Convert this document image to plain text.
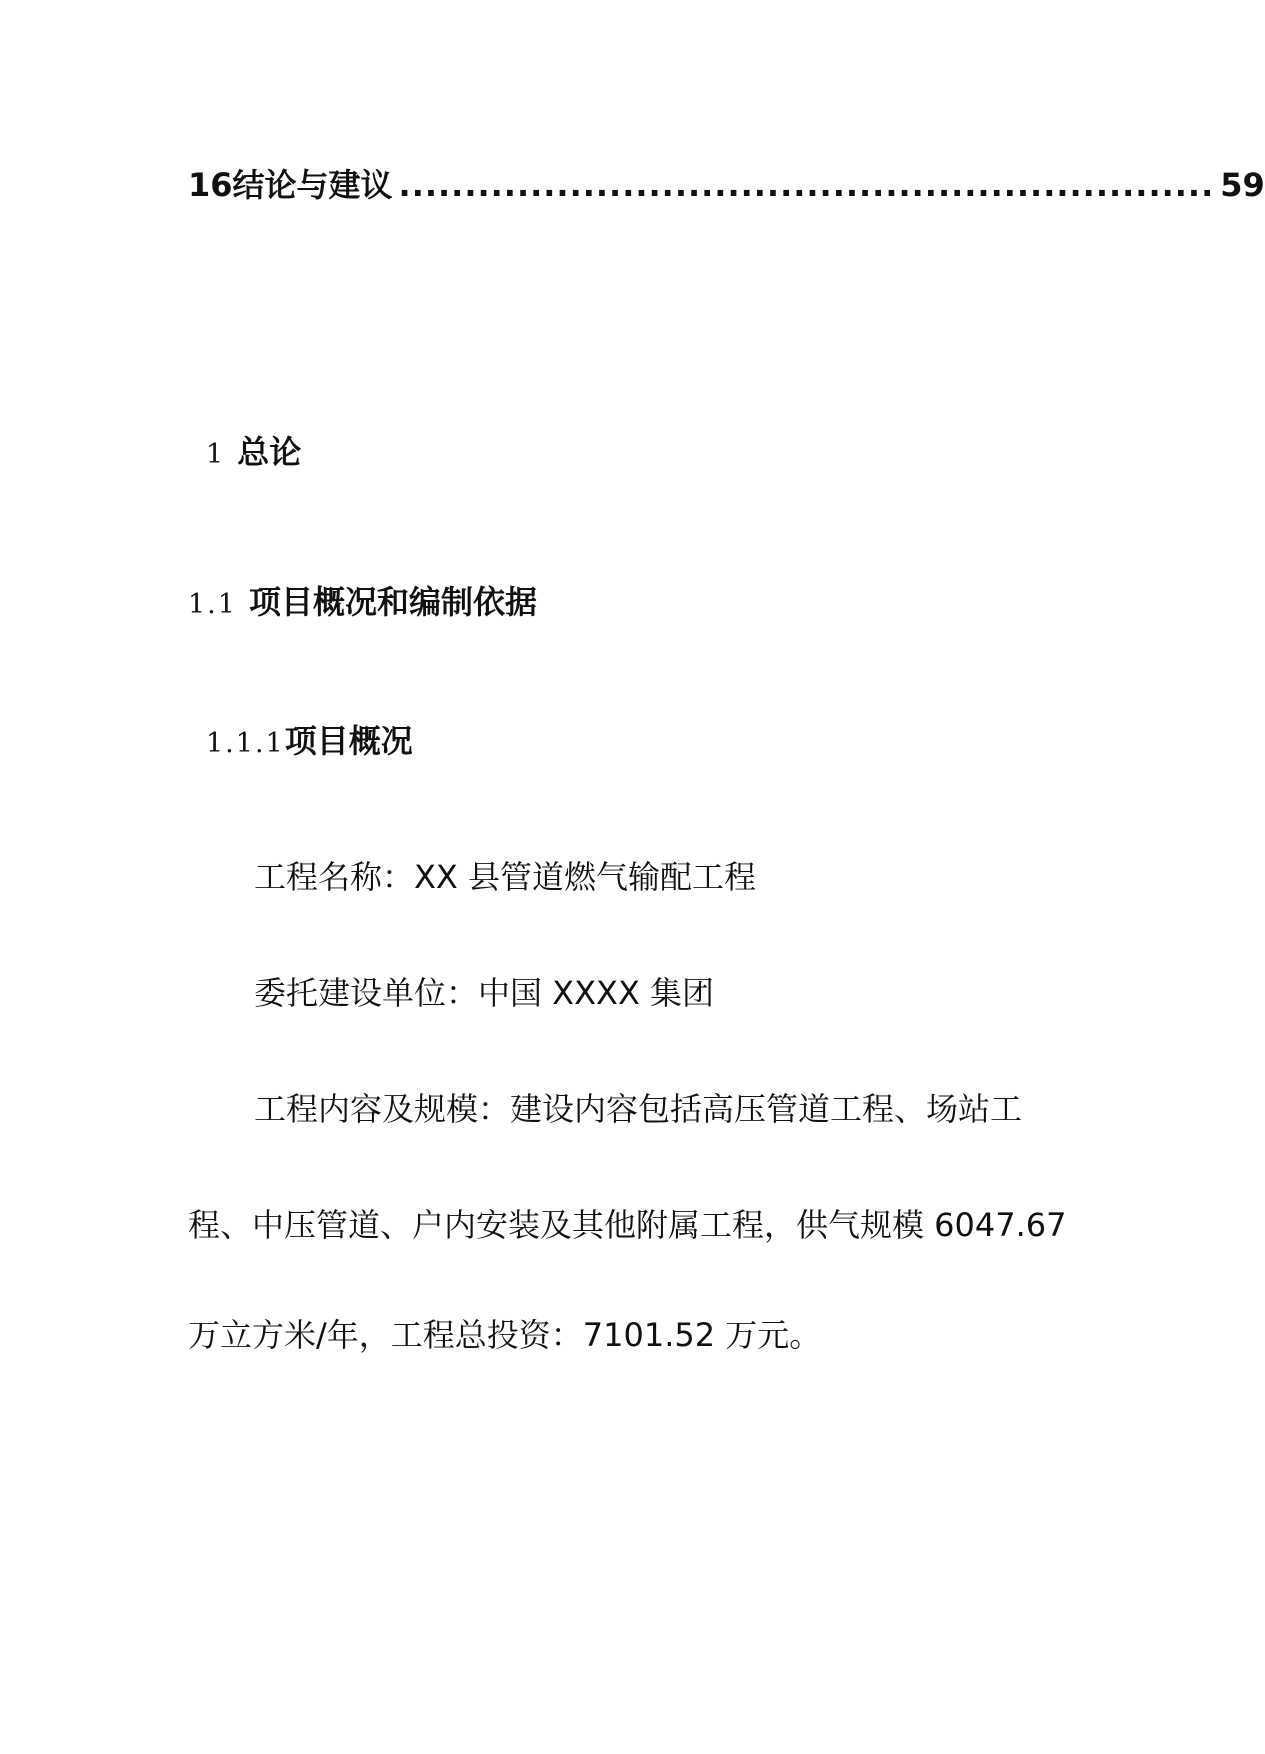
16结论与建议 .............................................................. 59
1 总论
1.1 项目概况和编制依据
1.1.1 项目概况
工程名称：XX 县管道燃气输配工程
委托建设单位：中国 XXXX 集团
工程内容及规模：建设内容包括高压管道工程、场站工
程、中压管道、户内安装及其他附属工程，供气规模 6047.67
万立方米/年，工程总投资：7101.52 万元。
